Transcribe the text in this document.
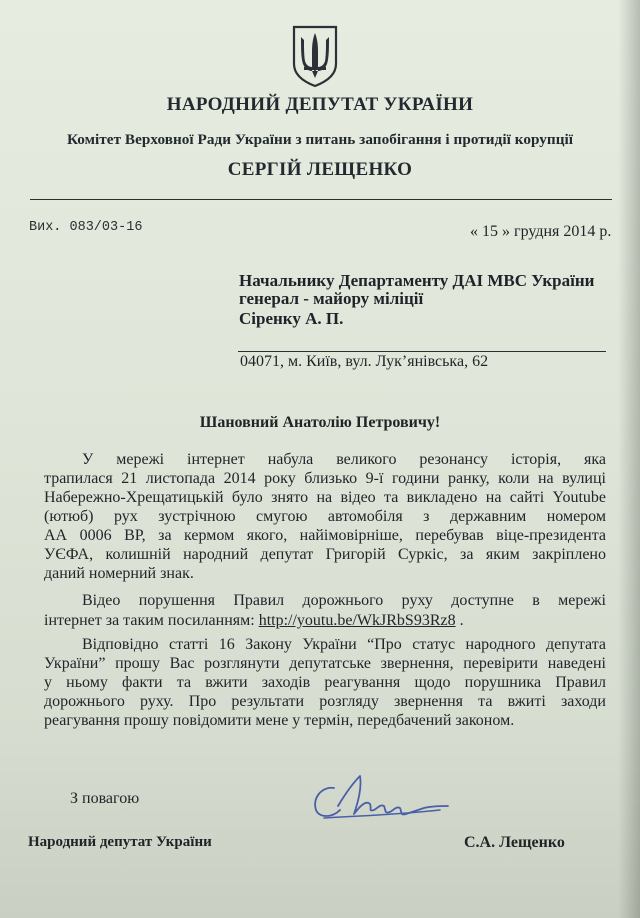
НАРОДНИЙ ДЕПУТАТ УКРАЇНИ
Комітет Верховної Ради України з питань запобігання і протидії корупції
СЕРГІЙ ЛЕЩЕНКО
Вих. 083/03-16	« 15 » грудня 2014 р.
Начальнику Департаменту ДАІ МВС України
генерал - майору міліції
Сіренку А. П.
04071, м. Київ, вул. Лук’янівська, 62
Шановний Анатолію Петровичу!
У мережі інтернет набула великого резонансу історія, яка
трапилася 21 листопада 2014 року близько 9-ї години ранку, коли на вулиці
Набережно-Хрещатицькій було знято на відео та викладено на сайті Youtube
(ютюб) рух зустрічною смугою автомобіля з державним номером
АА 0006 ВР, за кермом якого, найімовірніше, перебував віце-президента
УЄФА, колишній народний депутат Григорій Суркіс, за яким закріплено
даний номерний знак.
Відео порушення Правил дорожнього руху доступне в мережі
інтернет за таким посиланням: http://youtu.be/WkJRbS93Rz8 .
Відповідно статті 16 Закону України “Про статус народного депутата
України” прошу Вас розглянути депутатське звернення, перевірити наведені
у ньому факти та вжити заходів реагування щодо порушника Правил
дорожнього руху. Про результати розгляду звернення та вжиті заходи
реагування прошу повідомити мене у термін, передбачений законом.
З повагою
Народний депутат України	С.А. Лещенко
